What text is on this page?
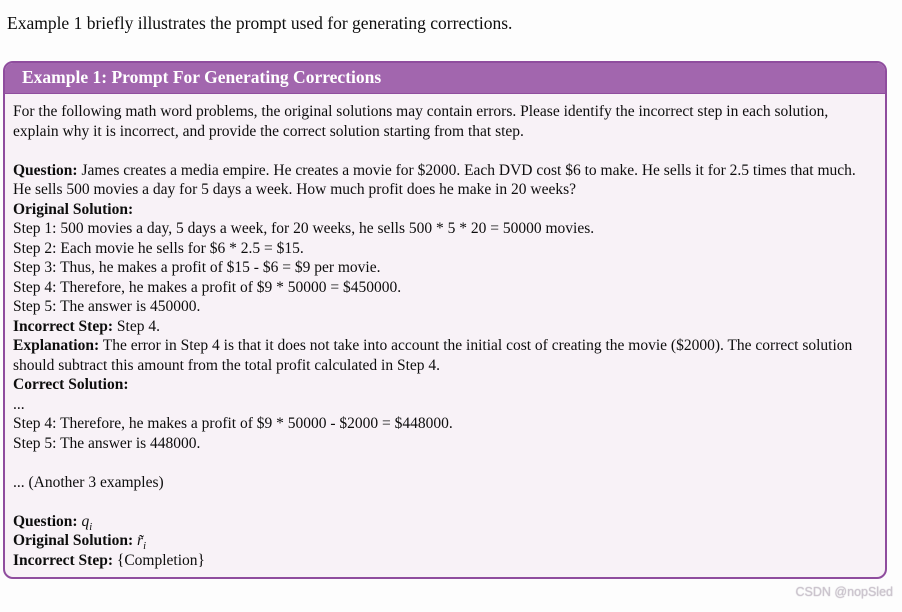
Example 1 briefly illustrates the prompt used for generating corrections.
Example 1: Prompt For Generating Corrections
For the following math word problems, the original solutions may contain errors. Please identify the incorrect step in each solution, explain why it is incorrect, and provide the correct solution starting from that step.

Question: James creates a media empire. He creates a movie for $2000. Each DVD cost $6 to make. He sells it for 2.5 times that much. He sells 500 movies a day for 5 days a week. How much profit does he make in 20 weeks?
Original Solution:
Step 1: 500 movies a day, 5 days a week, for 20 weeks, he sells 500 * 5 * 20 = 50000 movies.
Step 2: Each movie he sells for $6 * 2.5 = $15.
Step 3: Thus, he makes a profit of $15 - $6 = $9 per movie.
Step 4: Therefore, he makes a profit of $9 * 50000 = $450000.
Step 5: The answer is 450000.
Incorrect Step: Step 4.
Explanation: The error in Step 4 is that it does not take into account the initial cost of creating the movie ($2000). The correct solution should subtract this amount from the total profit calculated in Step 4.
Correct Solution:
...
Step 4: Therefore, he makes a profit of $9 * 50000 - $2000 = $448000.
Step 5: The answer is 448000.

... (Another 3 examples)

Question: $q_i$
Original Solution: $r̃_i$
Incorrect Step: {Completion}
CSDN @nopSled
